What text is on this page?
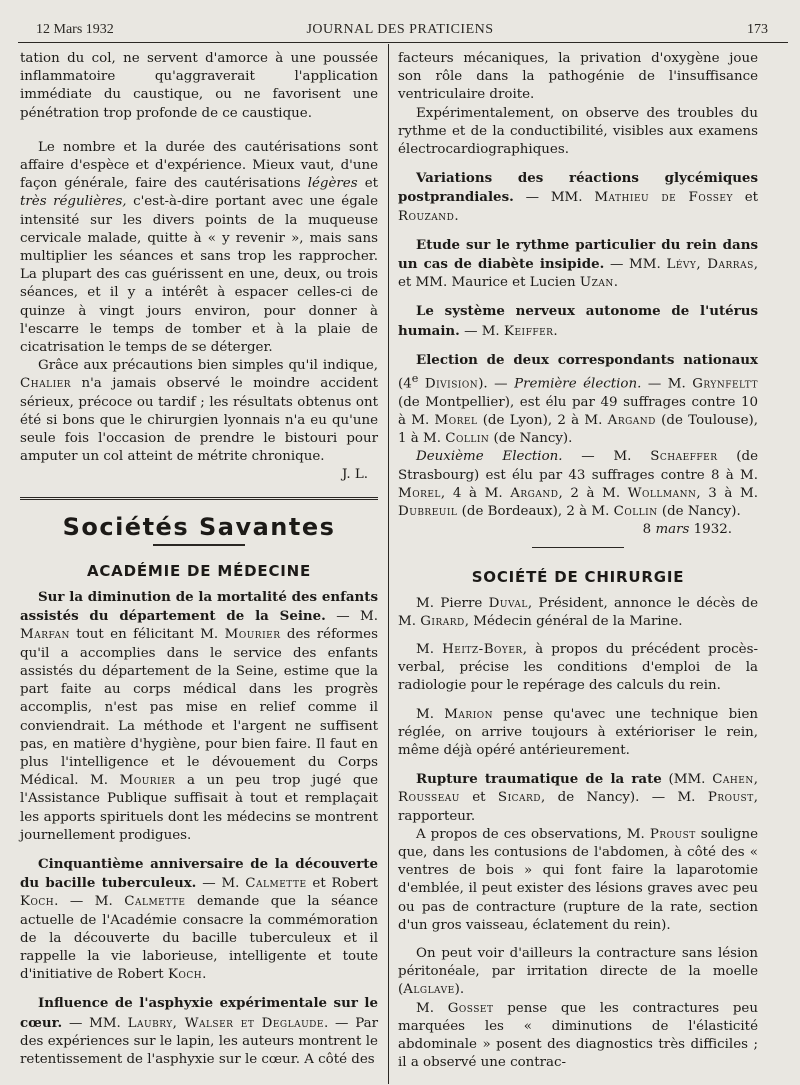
12 Mars 1932	JOURNAL DES PRATICIENS	173

tation du col, ne servent d'amorce à une poussée inflammatoire qu'aggraverait l'application immédiate du caustique, ou ne favorisent une pénétration trop profonde de ce caustique.

Le nombre et la durée des cautérisations sont affaire d'espèce et d'expérience. Mieux vaut, d'une façon générale, faire des cautérisations légères et très régulières, c'est-à-dire portant avec une égale intensité sur les divers points de la muqueuse cervicale malade, quitte à « y revenir », mais sans multiplier les séances et sans trop les rapprocher. La plupart des cas guérissent en une, deux, ou trois séances, et il y a intérêt à espacer celles-ci de quinze à vingt jours environ, pour donner à l'escarre le temps de tomber et à la plaie de cicatrisation le temps de se déterger.

Grâce aux précautions bien simples qu'il indique, Chalier n'a jamais observé le moindre accident sérieux, précoce ou tardif ; les résultats obtenus ont été si bons que le chirurgien lyonnais n'a eu qu'une seule fois l'occasion de prendre le bistouri pour amputer un col atteint de métrite chronique.

J. L.
Sociétés Savantes
ACADÉMIE DE MÉDECINE

Sur la diminution de la mortalité des enfants assistés du département de la Seine. — M. Marfan tout en félicitant M. Mourier des réformes qu'il a accomplies dans le service des enfants assistés du département de la Seine, estime que la part faite au corps médical dans les progrès accomplis, n'est pas mise en relief comme il conviendrait. La méthode et l'argent ne suffisent pas, en matière d'hygiène, pour bien faire. Il faut en plus l'intelligence et le dévouement du Corps Médical. M. Mourier a un peu trop jugé que l'Assistance Publique suffisait à tout et remplaçait les apports spirituels dont les médecins se montrent journellement prodigues.

Cinquantième anniversaire de la découverte du bacille tuberculeux. — M. Calmette et Robert Koch. — M. Calmette demande que la séance actuelle de l'Académie consacre la commémoration de la découverte du bacille tuberculeux et il rappelle la vie laborieuse, intelligente et toute d'initiative de Robert Koch.

Influence de l'asphyxie expérimentale sur le cœur. — MM. Laubry, Walser et Deglaude. — Par des expériences sur le lapin, les auteurs montrent le retentissement de l'asphyxie sur le cœur. A côté des

facteurs mécaniques, la privation d'oxygène joue son rôle dans la pathogénie de l'insuffisance ventriculaire droite.

Expérimentalement, on observe des troubles du rythme et de la conductibilité, visibles aux examens électrocardiographiques.

Variations des réactions glycémiques postprandiales. — MM. Mathieu de Fossey et Rouzand.

Etude sur le rythme particulier du rein dans un cas de diabète insipide. — MM. Lévy, Darras, et MM. Maurice et Lucien Uzan.

Le système nerveux autonome de l'utérus humain. — M. Keiffer.

Election de deux correspondants nationaux (4e Division). — Première élection. — M. Grynfeltt (de Montpellier), est élu par 49 suffrages contre 10 à M. Morel (de Lyon), 2 à M. Argand (de Toulouse), 1 à M. Collin (de Nancy).

Deuxième Election. — M. Schaeffer (de Strasbourg) est élu par 43 suffrages contre 8 à M. Morel, 4 à M. Argand, 2 à M. Wollmann, 3 à M. Dubreuil (de Bordeaux), 2 à M. Collin (de Nancy).

8 mars 1932.
SOCIÉTÉ DE CHIRURGIE

M. Pierre Duval, Président, annonce le décès de M. Girard, Médecin général de la Marine.

M. Heitz-Boyer, à propos du précédent procès-verbal, précise les conditions d'emploi de la radiologie pour le repérage des calculs du rein.

M. Marion pense qu'avec une technique bien réglée, on arrive toujours à extérioriser le rein, même déjà opéré antérieurement.

Rupture traumatique de la rate (MM. Cahen, Rousseau et Sicard, de Nancy). — M. Proust, rapporteur.

A propos de ces observations, M. Proust souligne que, dans les contusions de l'abdomen, à côté des « ventres de bois » qui font faire la laparotomie d'emblée, il peut exister des lésions graves avec peu ou pas de contracture (rupture de la rate, section d'un gros vaisseau, éclatement du rein).

On peut voir d'ailleurs la contracture sans lésion péritonéale, par irritation directe de la moelle (Alglave).

M. Gosset pense que les contractures peu marquées les « diminutions de l'élasticité abdominale » posent des diagnostics très difficiles ; il a observé une contrac-
